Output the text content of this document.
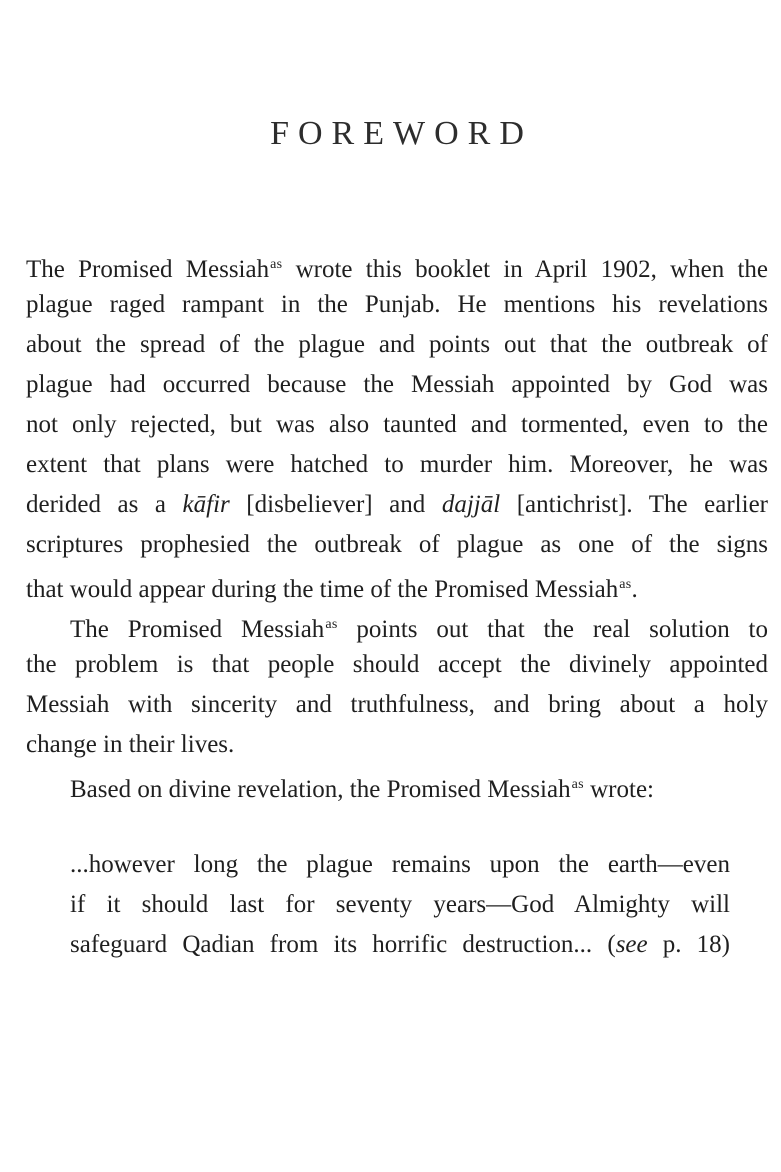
FOREWORD
The Promised Messiah$^{as}$ wrote this booklet in April 1902, when the
plague raged rampant in the Punjab. He mentions his revelations
about the spread of the plague and points out that the outbreak of
plague had occurred because the Messiah appointed by God was
not only rejected, but was also taunted and tormented, even to the
extent that plans were hatched to murder him. Moreover, he was
derided as a kāfir [disbeliever] and dajjāl [antichrist]. The earlier
scriptures prophesied the outbreak of plague as one of the signs
that would appear during the time of the Promised Messiah$^{as}$.
The Promised Messiah$^{as}$ points out that the real solution to
the problem is that people should accept the divinely appointed
Messiah with sincerity and truthfulness, and bring about a holy
change in their lives.
Based on divine revelation, the Promised Messiah$^{as}$ wrote:
...however long the plague remains upon the earth—even
if it should last for seventy years—God Almighty will
safeguard Qadian from its horrific destruction... (see p. 18)
